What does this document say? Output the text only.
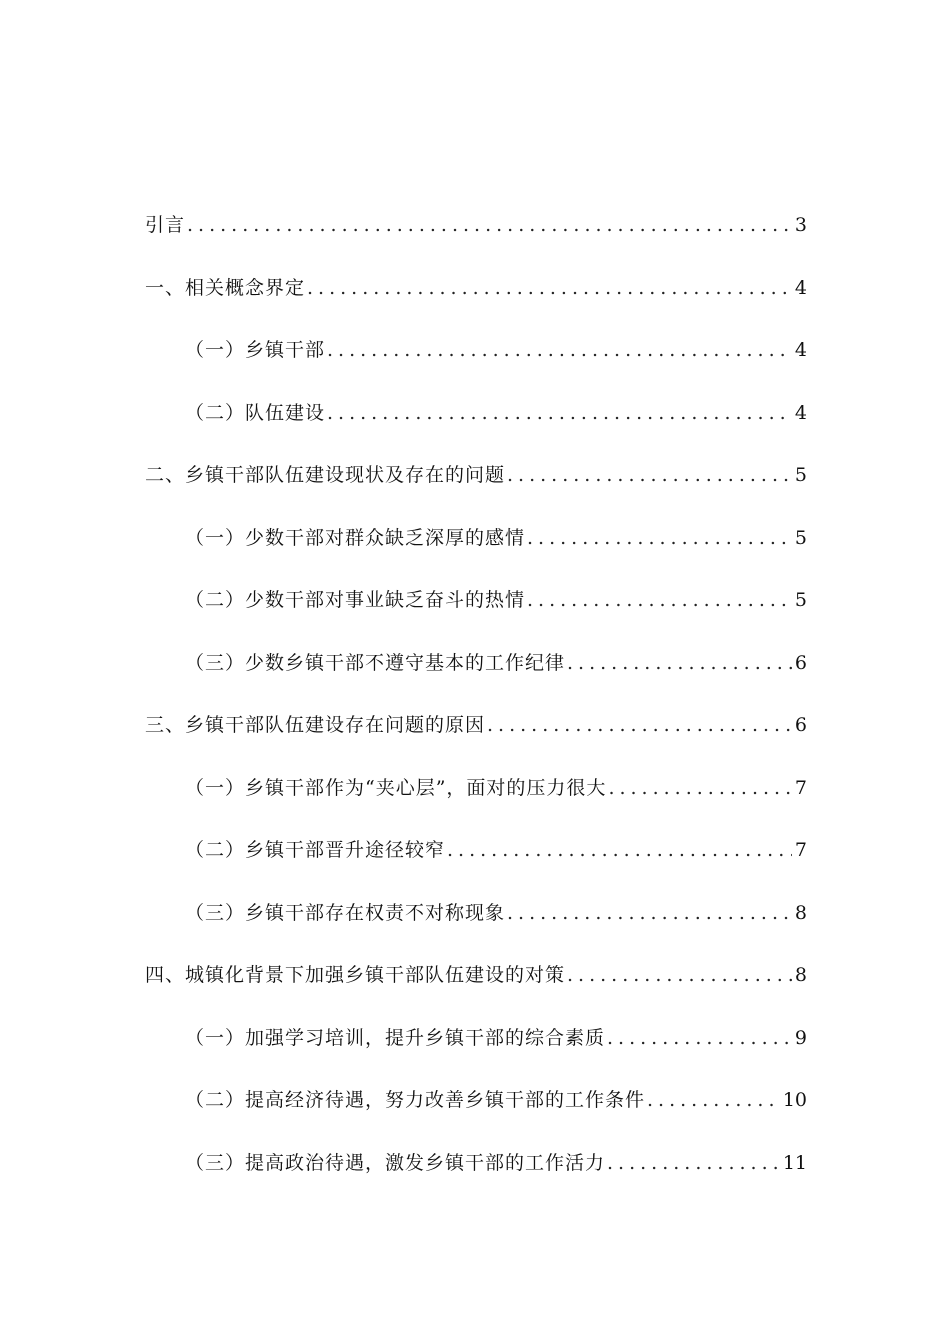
引言 .....	3
一、相关概念界定 .....	4
（一）乡镇干部 .....	4
（二）队伍建设 .....	4
二、乡镇干部队伍建设现状及存在的问题 .....	5
（一）少数干部对群众缺乏深厚的感情 .....	5
（二）少数干部对事业缺乏奋斗的热情 .....	5
（三）少数乡镇干部不遵守基本的工作纪律 .....	6
三、乡镇干部队伍建设存在问题的原因 .....	6
（一）乡镇干部作为“夹心层”，面对的压力很大 .....	7
（二）乡镇干部晋升途径较窄 .....	7
（三）乡镇干部存在权责不对称现象 .....	8
四、城镇化背景下加强乡镇干部队伍建设的对策 .....	8
（一）加强学习培训，提升乡镇干部的综合素质 .....	9
（二）提高经济待遇，努力改善乡镇干部的工作条件 .....	10
（三）提高政治待遇，激发乡镇干部的工作活力 .....	11
